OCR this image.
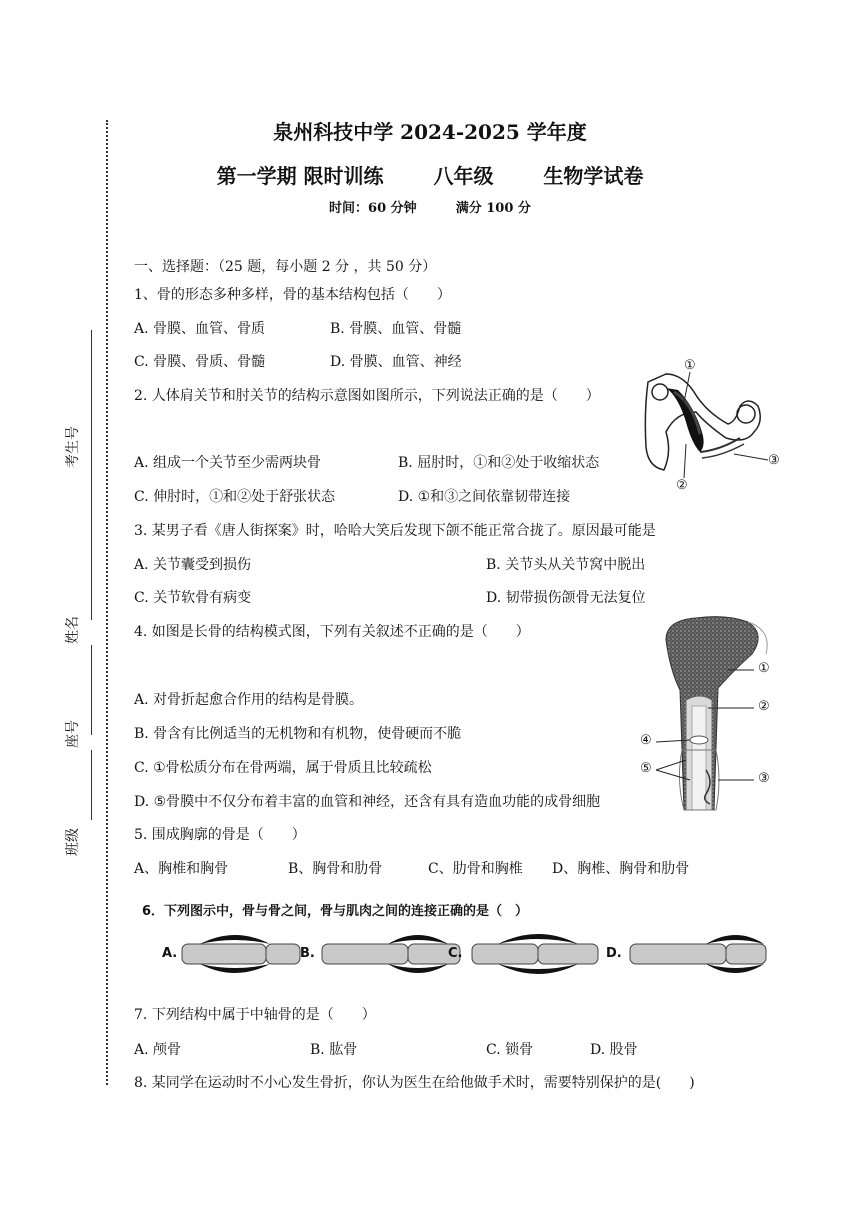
考生号
姓名
座号
班级
泉州科技中学 2024-2025 学年度
第一学期 限时训练 八年级 生物学试卷
时间：60 分钟	满分 100 分
一、选择题：（25 题，每小题 2 分 ，共 50 分）
1、骨的形态多种多样，骨的基本结构包括（　　）
A. 骨膜、血管、骨质	B. 骨膜、血管、骨髓
C. 骨膜、骨质、骨髓	D. 骨膜、血管、神经
2. 人体肩关节和肘关节的结构示意图如图所示，下列说法正确的是（　　）
A. 组成一个关节至少需两块骨	B. 屈肘时，①和②处于收缩状态
C. 伸肘时，①和②处于舒张状态	D. ①和③之间依靠韧带连接
①
②
③
3. 某男子看《唐人街探案》时，哈哈大笑后发现下颌不能正常合拢了。原因最可能是
A. 关节囊受到损伤	B. 关节头从关节窝中脱出
C. 关节软骨有病变	D. 韧带损伤颌骨无法复位
4. 如图是长骨的结构模式图，下列有关叙述不正确的是（　　）
A. 对骨折起愈合作用的结构是骨膜。
B. 骨含有比例适当的无机物和有机物，使骨硬而不脆
C. ①骨松质分布在骨两端，属于骨质且比较疏松
D. ⑤骨膜中不仅分布着丰富的血管和神经，还含有具有造血功能的成骨细胞
①
②
③
④
⑤
5. 围成胸廓的骨是（　　）
A、胸椎和胸骨	B、胸骨和肋骨	C、肋骨和胸椎 D、胸椎、胸骨和肋骨
6．下列图示中，骨与骨之间，骨与肌肉之间的连接正确的是（　）
A.	B.	C.	D.
7. 下列结构中属于中轴骨的是（　　）
A. 颅骨	B. 肱骨	C. 锁骨	D. 股骨
8. 某同学在运动时不小心发生骨折，你认为医生在给他做手术时，需要特别保护的是(　　)
